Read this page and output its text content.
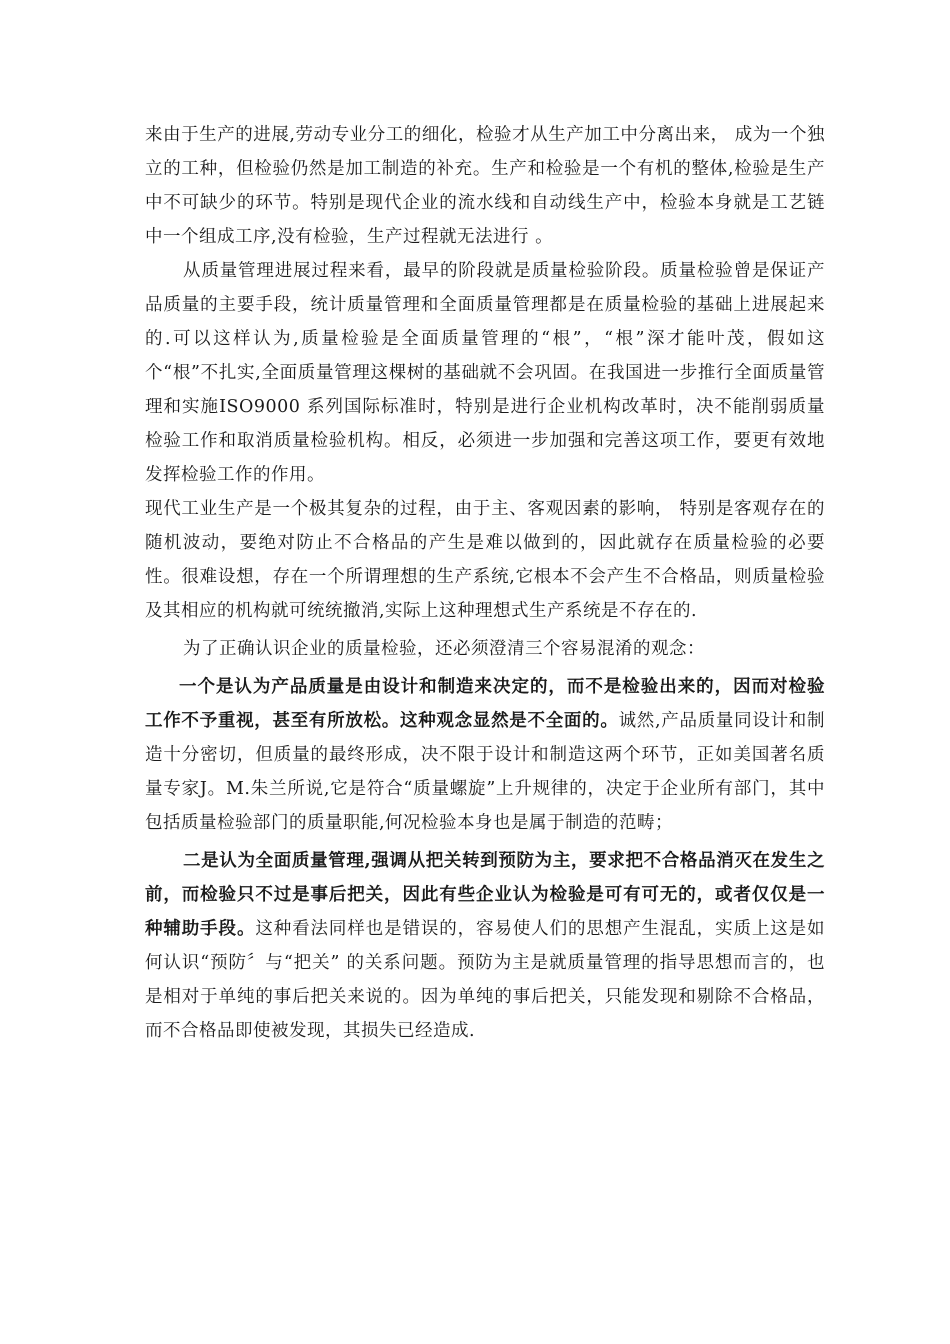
来由于生产的进展,劳动专业分工的细化，检验才从生产加工中分离出来， 成为一个独立的工种，但检验仍然是加工制造的补充。生产和检验是一个有机的整体,检验是生产中不可缺少的环节。特别是现代企业的流水线和自动线生产中，检验本身就是工艺链中一个组成工序,没有检验，生产过程就无法进行 。

从质量管理进展过程来看，最早的阶段就是质量检验阶段。质量检验曾是保证产品质量的主要手段，统计质量管理和全面质量管理都是在质量检验的基础上进展起来的.可以这样认为,质量检验是全面质量管理的“根”，“根”深才能叶茂，假如这个“根”不扎实,全面质量管理这棵树的基础就不会巩固。在我国进一步推行全面质量管理和实施ISO9000 系列国际标准时，特别是进行企业机构改革时，决不能削弱质量检验工作和取消质量检验机构。相反，必须进一步加强和完善这项工作，要更有效地发挥检验工作的作用。

现代工业生产是一个极其复杂的过程，由于主、客观因素的影响， 特别是客观存在的随机波动，要绝对防止不合格品的产生是难以做到的，因此就存在质量检验的必要性。很难设想，存在一个所谓理想的生产系统,它根本不会产生不合格品，则质量检验及其相应的机构就可统统撤消,实际上这种理想式生产系统是不存在的.

为了正确认识企业的质量检验，还必须澄清三个容易混淆的观念：

一个是认为产品质量是由设计和制造来决定的，而不是检验出来的，因而对检验工作不予重视，甚至有所放松。这种观念显然是不全面的。诚然,产品质量同设计和制造十分密切，但质量的最终形成，决不限于设计和制造这两个环节，正如美国著名质量专家J。M.朱兰所说,它是符合“质量螺旋”上升规律的，决定于企业所有部门，其中包括质量检验部门的质量职能,何况检验本身也是属于制造的范畴；

二是认为全面质量管理,强调从把关转到预防为主，要求把不合格品消灭在发生之前，而检验只不过是事后把关，因此有些企业认为检验是可有可无的，或者仅仅是一种辅助手段。这种看法同样也是错误的，容易使人们的思想产生混乱，实质上这是如何认识“预防〞与“把关” 的关系问题。预防为主是就质量管理的指导思想而言的，也是相对于单纯的事后把关来说的。因为单纯的事后把关，只能发现和剔除不合格品，而不合格品即使被发现，其损失已经造成.
